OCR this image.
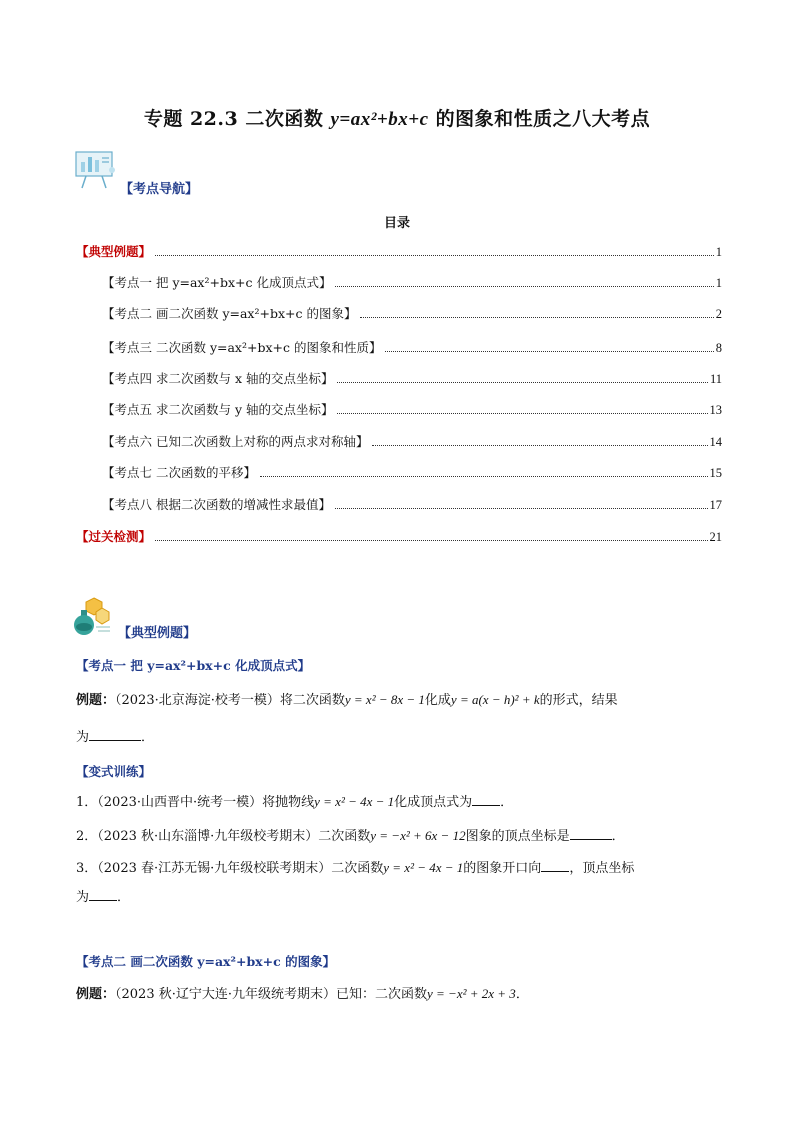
专题 22.3 二次函数 y=ax²+bx+c 的图象和性质之八大考点
【考点导航】
目录
【典型例题】	1
【考点一 把 y=ax²+bx+c 化成顶点式】	1
【考点二 画二次函数 y=ax²+bx+c 的图象】	2
【考点三 二次函数 y=ax²+bx+c 的图象和性质】	8
【考点四 求二次函数与 x 轴的交点坐标】	11
【考点五 求二次函数与 y 轴的交点坐标】	13
【考点六 已知二次函数上对称的两点求对称轴】	14
【考点七 二次函数的平移】	15
【考点八 根据二次函数的增减性求最值】	17
【过关检测】	21
【典型例题】
【考点一 把 y=ax²+bx+c 化成顶点式】
例题：（2023·北京海淀·校考一模）将二次函数y = x² − 8x − 1化成y = a(x − h)² + k的形式，结果
为	．
【变式训练】
1．（2023·山西晋中·统考一模）将抛物线y = x² − 4x − 1化成顶点式为 ．
2．（2023 秋·山东淄博·九年级校考期末）二次函数y = −x² + 6x − 12图象的顶点坐标是	．
3．（2023 春·江苏无锡·九年级校联考期末）二次函数y = x² − 4x − 1的图象开口向 ，顶点坐标
为 ．
【考点二 画二次函数 y=ax²+bx+c 的图象】
例题：（2023 秋·辽宁大连·九年级统考期末）已知：二次函数y = −x² + 2x + 3．
